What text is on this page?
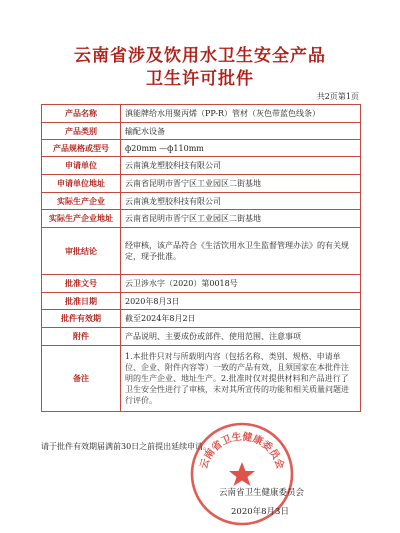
云南省涉及饮用水卫生安全产品
卫生许可批件
共2页第1页
产品名称	滇能牌给水用聚丙烯（PP-R）管材（灰色带蓝色线条）
产品类别	输配水设备
产品规格或型号	ф20mm —ф110mm
申请单位	云南滇龙塑胶科技有限公司
申请单位地址	云南省昆明市晋宁区工业园区二街基地
实际生产企业	云南滇龙塑胶科技有限公司
实际生产企业地址	云南省昆明市晋宁区工业园区二街基地
审批结论	经审核，该产品符合《生活饮用水卫生监督管理办法》的有关规定，现予批准。
批准文号	云卫涉水字（2020）第0018号
批准日期	2020年8月3日
批件有效期	截至2024年8月2日
附件	产品说明、主要成份或部件、使用范围、注意事项
备注	1.本批件只对与所载明内容（包括名称、类别、规格、申请单位、企业、附件内容等）一致的产品有效，且须国家在本批件注明的生产企业、地址生产。2.批准时仅对提供材料和产品进行了卫生安全性进行了审核，未对其所宣传的功能和相关质量问题进行评价。
请于批件有效期届满前30日之前提出延续申请。
云南省卫生健康委员会
云南省卫生健康委员会
2020年8月3日
